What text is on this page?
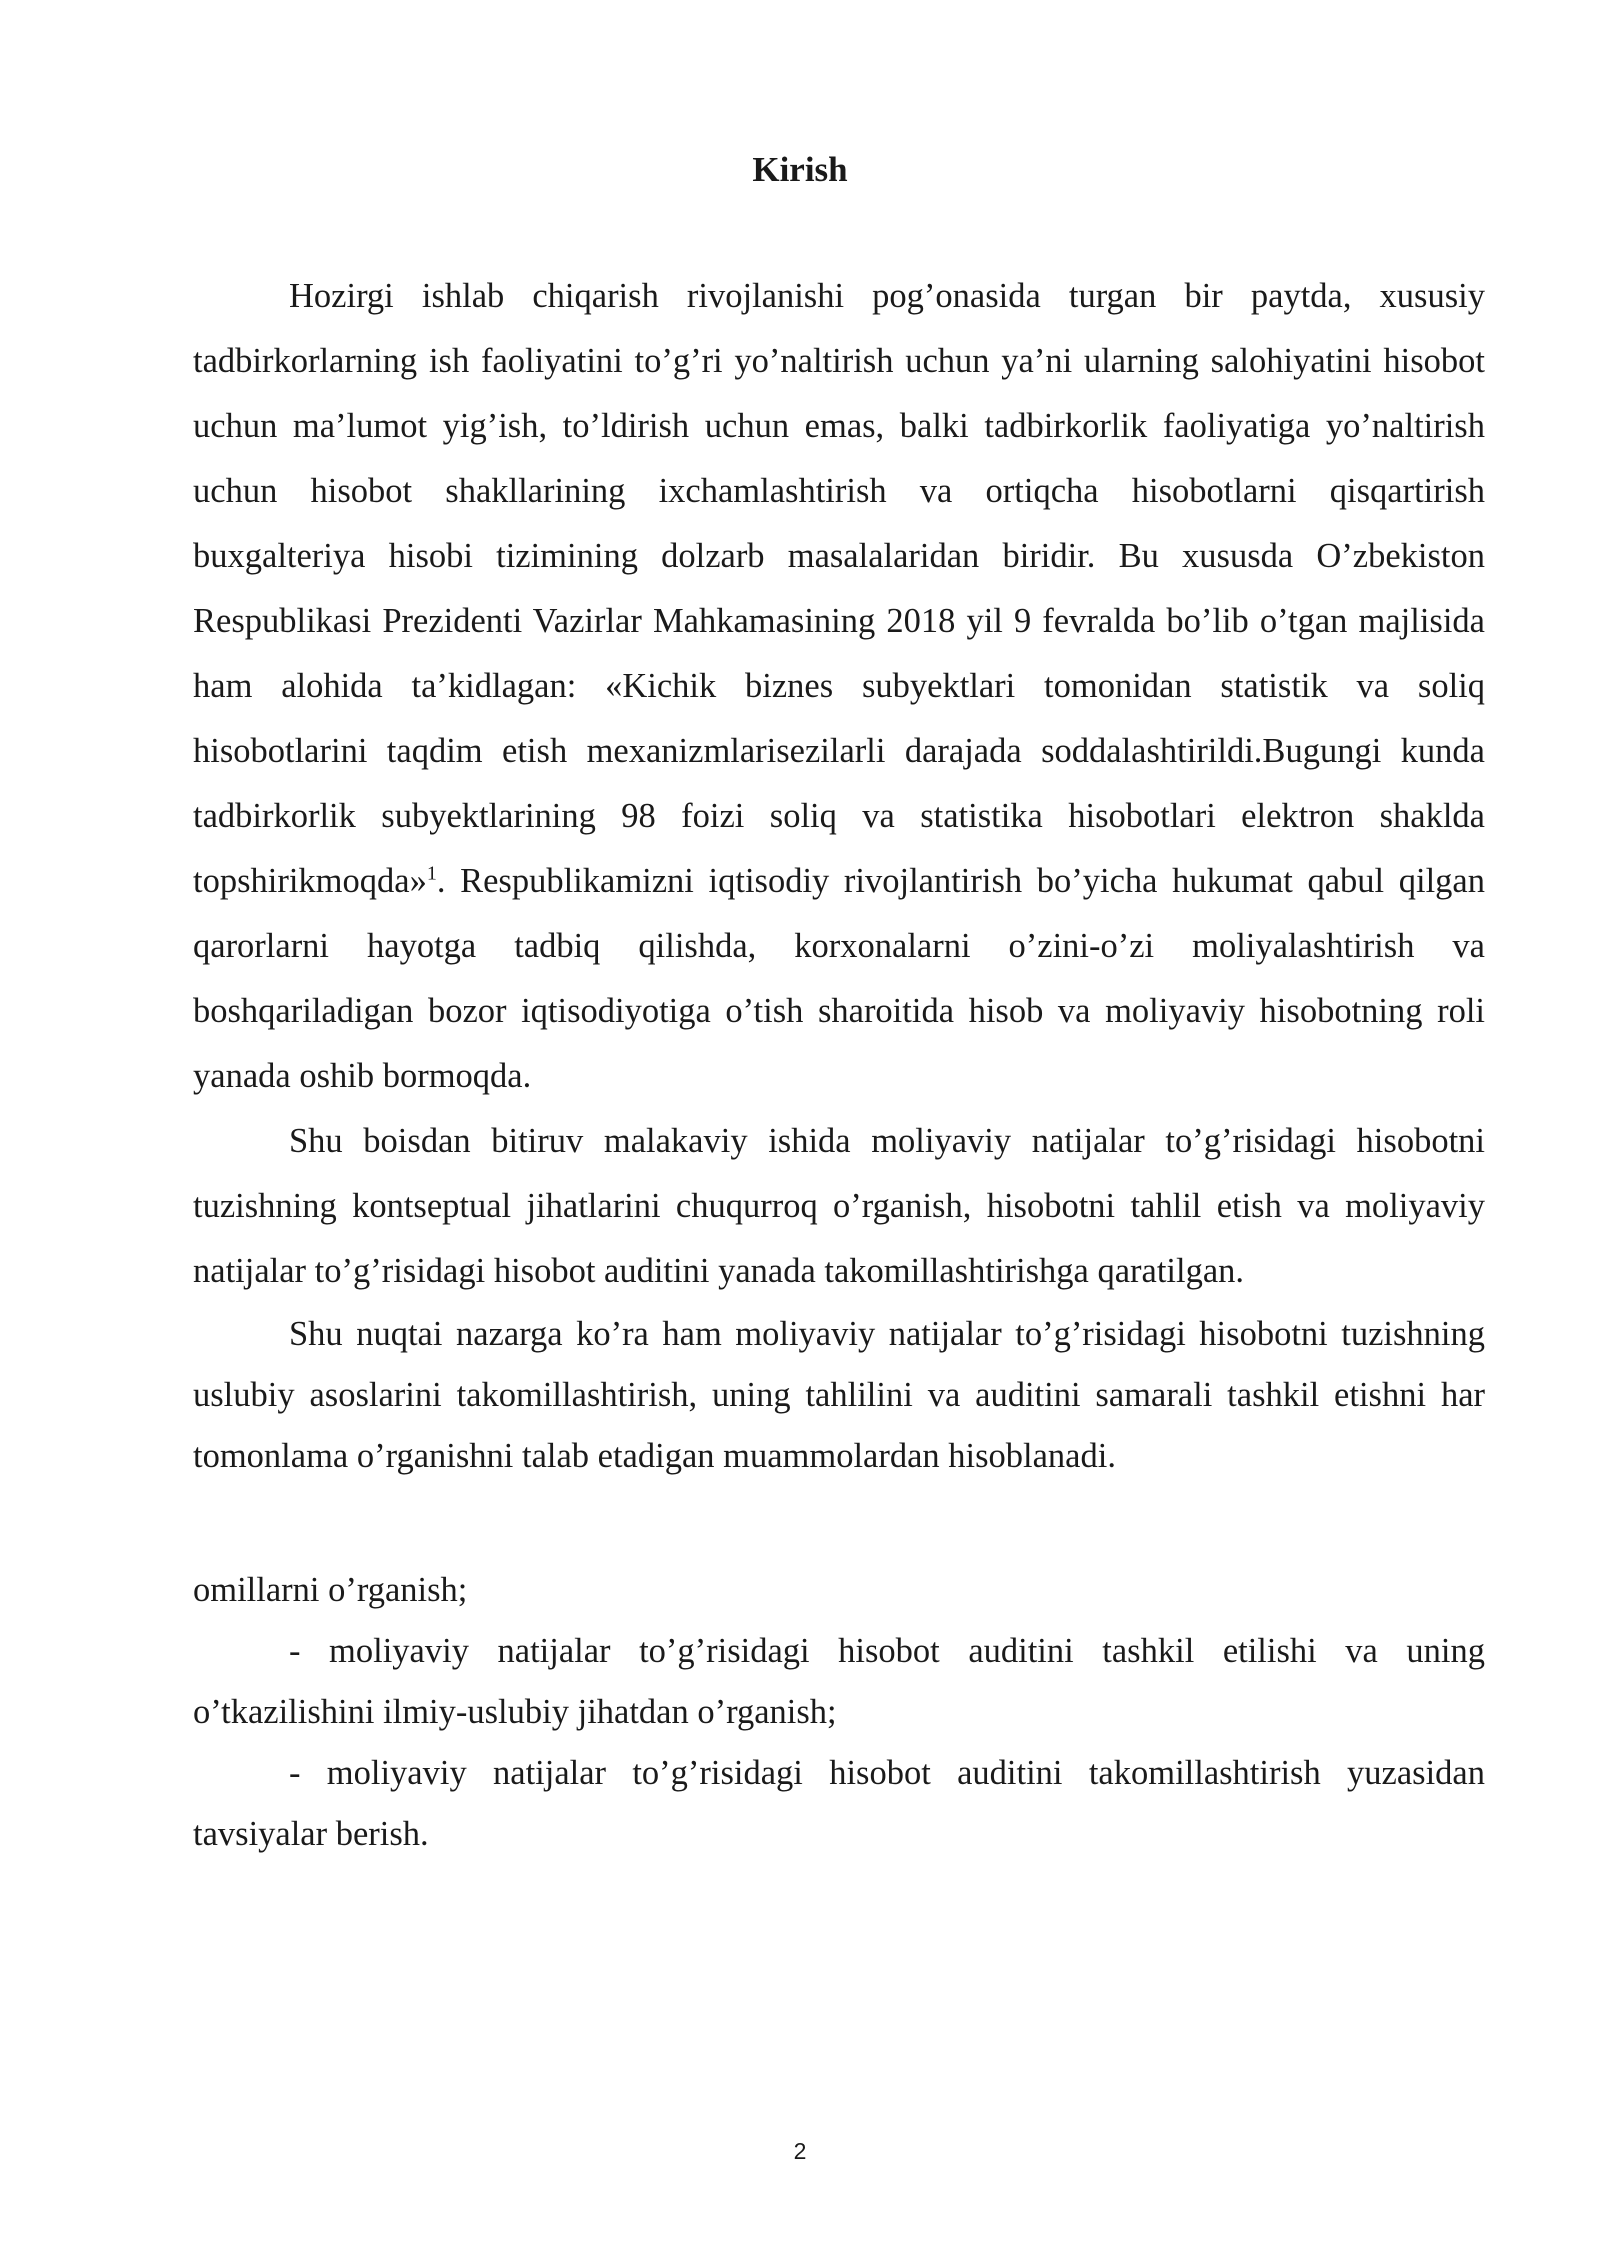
Kirish

Hozirgi ishlab chiqarish rivojlanishi pog’onasida turgan bir paytda, xususiy tadbirkorlarning ish faoliyatini to’g’ri yo’naltirish uchun ya’ni ularning salohiyatini hisobot uchun ma’lumot yig’ish, to’ldirish uchun emas, balki tadbirkorlik faoliyatiga yo’naltirish uchun hisobot shakllarining ixchamlashtirish va ortiqcha hisobotlarni qisqartirish buxgalteriya hisobi tizimining dolzarb masalalaridan biridir. Bu xususda O’zbekiston Respublikasi Prezidenti Vazirlar Mahkamasining 2018 yil 9 fevralda bo’lib o’tgan majlisida ham alohida ta’kidlagan: «Kichik biznes subyektlari tomonidan statistik va soliq hisobotlarini taqdim etish mexanizmlarisezilarli darajada soddalashtirildi.Bugungi kunda tadbirkorlik subyektlarining 98 foizi soliq va statistika hisobotlari elektron shaklda topshirikmoqda»$^1$. Respublikamizni iqtisodiy rivojlantirish bo’yicha hukumat qabul qilgan qarorlarni hayotga tadbiq qilishda, korxonalarni o’zini-o’zi moliyalashtirish va boshqariladigan bozor iqtisodiyotiga o’tish sharoitida hisob va moliyaviy hisobotning roli yanada oshib bormoqda.

Shu boisdan bitiruv malakaviy ishida moliyaviy natijalar to’g’risidagi hisobotni tuzishning kontseptual jihatlarini chuqurroq o’rganish, hisobotni tahlil etish va moliyaviy natijalar to’g’risidagi hisobot auditini yanada takomillashtirishga qaratilgan.

Shu nuqtai nazarga ko’ra ham moliyaviy natijalar to’g’risidagi hisobotni tuzishning uslubiy asoslarini takomillashtirish, uning tahlilini va auditini samarali tashkil etishni har tomonlama o’rganishni talab etadigan muammolardan hisoblanadi.

omillarni o’rganish;

- moliyaviy natijalar to’g’risidagi hisobot auditini tashkil etilishi va uning o’tkazilishini ilmiy-uslubiy jihatdan o’rganish;

- moliyaviy natijalar to’g’risidagi hisobot auditini takomillashtirish yuzasidan tavsiyalar berish.

2
